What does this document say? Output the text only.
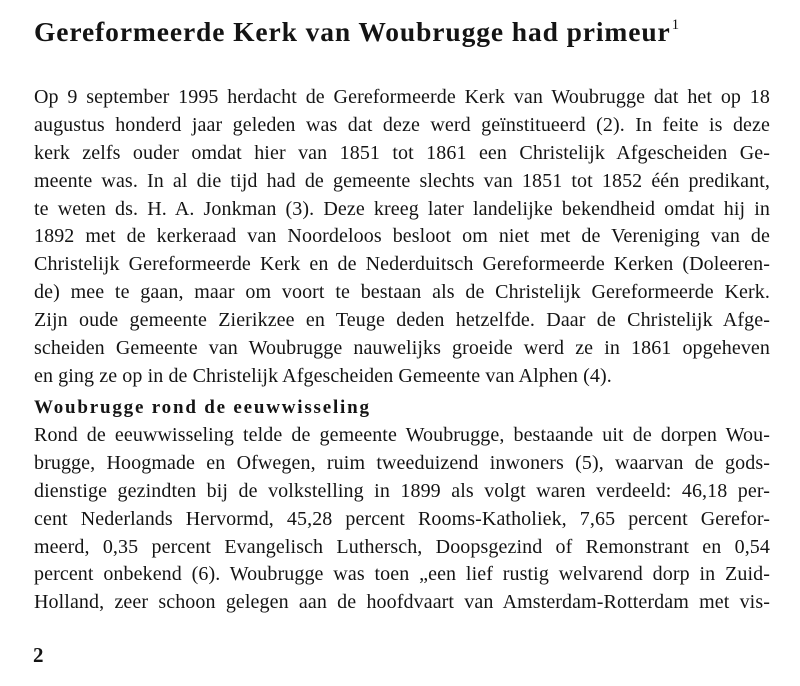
Gereformeerde Kerk van Woubrugge had primeur$^1$

Op 9 september 1995 herdacht de Gereformeerde Kerk van Woubrugge dat het op 18
augustus honderd jaar geleden was dat deze werd geïnstitueerd (2). In feite is deze
kerk zelfs ouder omdat hier van 1851 tot 1861 een Christelijk Afgescheiden Ge-
meente was. In al die tijd had de gemeente slechts van 1851 tot 1852 één predikant,
te weten ds. H. A. Jonkman (3). Deze kreeg later landelijke bekendheid omdat hij in
1892 met de kerkeraad van Noordeloos besloot om niet met de Vereniging van de
Christelijk Gereformeerde Kerk en de Nederduitsch Gereformeerde Kerken (Doleeren-
de) mee te gaan, maar om voort te bestaan als de Christelijk Gereformeerde Kerk.
Zijn oude gemeente Zierikzee en Teuge deden hetzelfde. Daar de Christelijk Afge-
scheiden Gemeente van Woubrugge nauwelijks groeide werd ze in 1861 opgeheven
en ging ze op in de Christelijk Afgescheiden Gemeente van Alphen (4).

Woubrugge rond de eeuwwisseling

Rond de eeuwwisseling telde de gemeente Woubrugge, bestaande uit de dorpen Wou-
brugge, Hoogmade en Ofwegen, ruim tweeduizend inwoners (5), waarvan de gods-
dienstige gezindten bij de volkstelling in 1899 als volgt waren verdeeld: 46,18 per-
cent Nederlands Hervormd, 45,28 percent Rooms-Katholiek, 7,65 percent Gerefor-
meerd, 0,35 percent Evangelisch Luthersch, Doopsgezind of Remonstrant en 0,54
percent onbekend (6). Woubrugge was toen „een lief rustig welvarend dorp in Zuid-
Holland, zeer schoon gelegen aan de hoofdvaart van Amsterdam-Rotterdam met vis-

2
